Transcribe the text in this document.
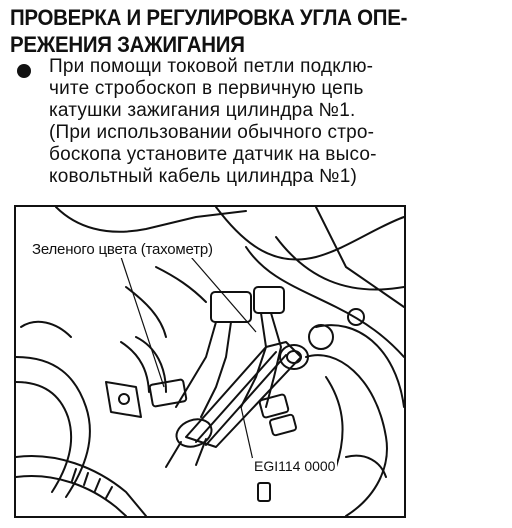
ПРОВЕРКА И РЕГУЛИРОВКА УГЛА ОПЕ-
РЕЖЕНИЯ ЗАЖИГАНИЯ
При помощи токовой петли подклю-
чите стробоскоп в первичную цепь
катушки зажигания цилиндра №1.
(При использовании обычного стро-
боскопа установите датчик на высо-
ковольтный кабель цилиндра №1)
Зеленого цвета (тахометр)
EGI114 0000
